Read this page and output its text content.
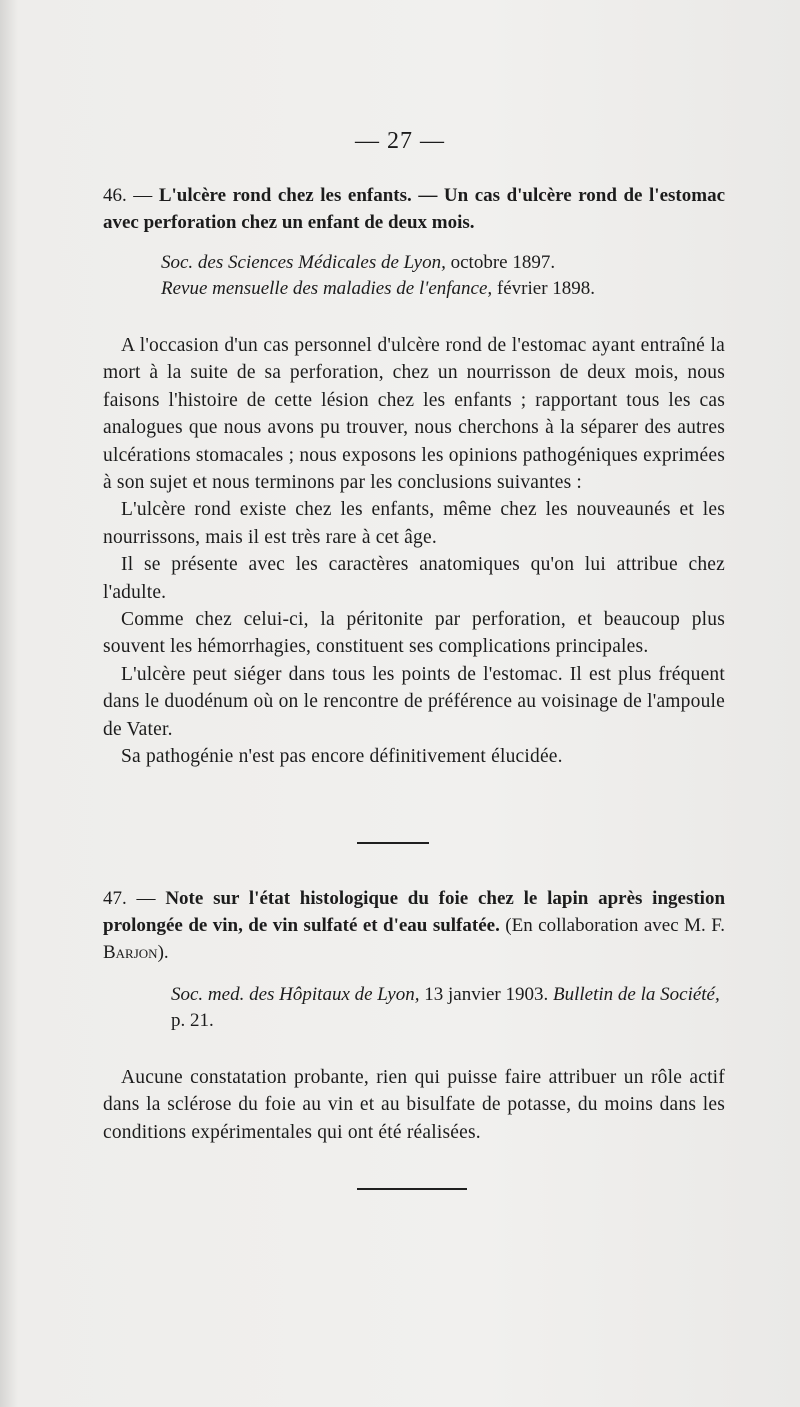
— 27 —
46. — L'ulcère rond chez les enfants. — Un cas d'ulcère rond de l'estomac avec perforation chez un enfant de deux mois.
Soc. des Sciences Médicales de Lyon, octobre 1897.
Revue mensuelle des maladies de l'enfance, février 1898.

A l'occasion d'un cas personnel d'ulcère rond de l'estomac ayant entraîné la mort à la suite de sa perforation, chez un nourrisson de deux mois, nous faisons l'histoire de cette lésion chez les enfants ; rapportant tous les cas analogues que nous avons pu trouver, nous cherchons à la séparer des autres ulcérations stomacales ; nous exposons les opinions pathogéniques exprimées à son sujet et nous terminons par les conclusions suivantes :

L'ulcère rond existe chez les enfants, même chez les nouveaunés et les nourrissons, mais il est très rare à cet âge.

Il se présente avec les caractères anatomiques qu'on lui attribue chez l'adulte.

Comme chez celui-ci, la péritonite par perforation, et beaucoup plus souvent les hémorrhagies, constituent ses complications principales.

L'ulcère peut siéger dans tous les points de l'estomac. Il est plus fréquent dans le duodénum où on le rencontre de préférence au voisinage de l'ampoule de Vater.

Sa pathogénie n'est pas encore définitivement élucidée.

47. — Note sur l'état histologique du foie chez le lapin après ingestion prolongée de vin, de vin sulfaté et d'eau sulfatée. (En collaboration avec M. F. Barjon).
Soc. med. des Hôpitaux de Lyon, 13 janvier 1903. Bulletin de la Société, p. 21.

Aucune constatation probante, rien qui puisse faire attribuer un rôle actif dans la sclérose du foie au vin et au bisulfate de potasse, du moins dans les conditions expérimentales qui ont été réalisées.
